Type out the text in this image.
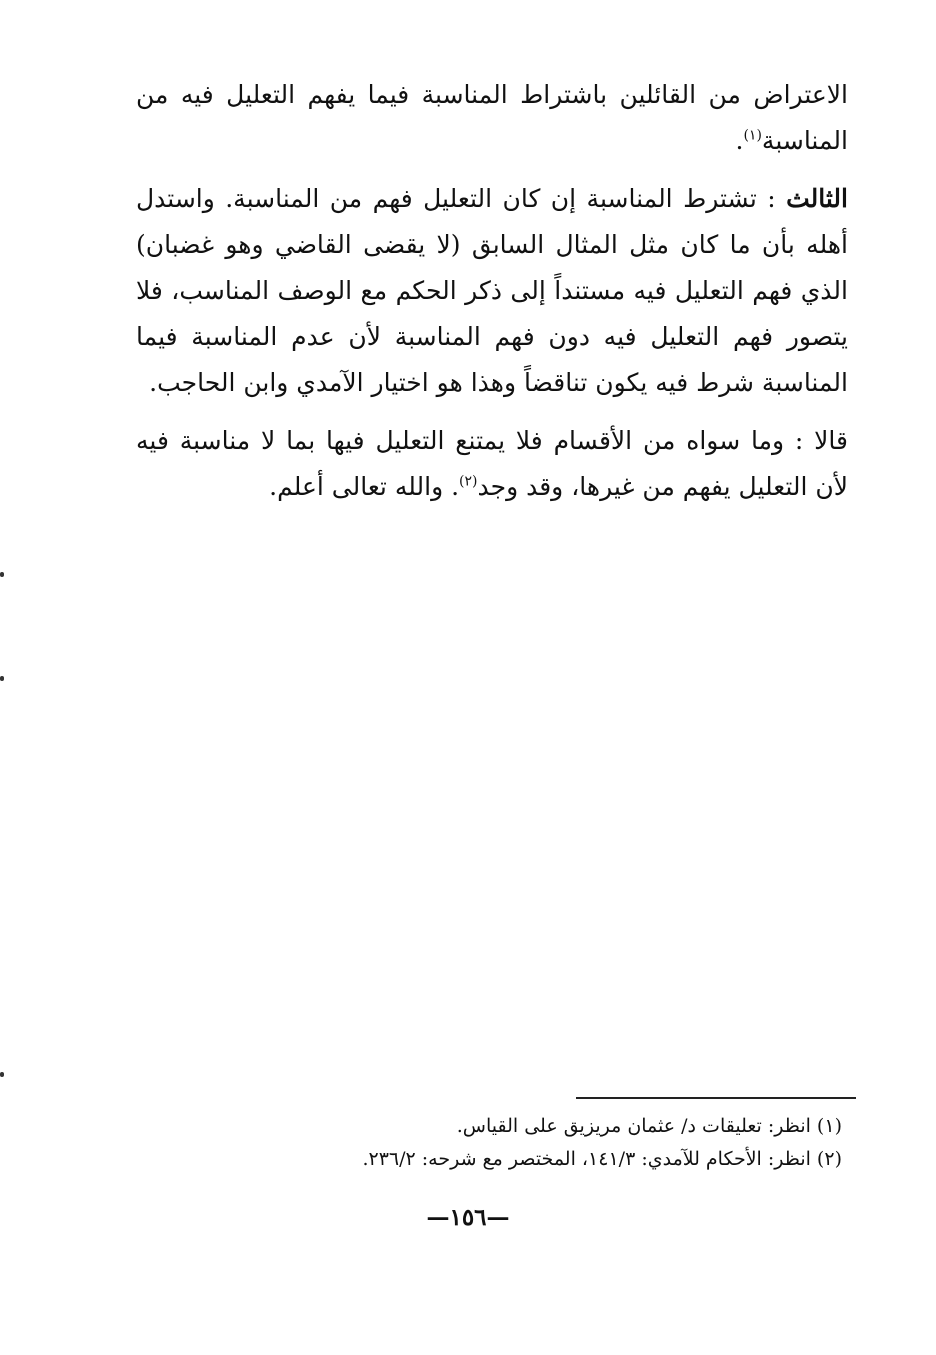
الاعتراض من القائلين باشتراط المناسبة فيما يفهم التعليل فيه من المناسبة$^{(١)}$.

الثالث : تشترط المناسبة إن كان التعليل فهم من المناسبة. واستدل أهله بأن ما كان مثل المثال السابق (لا يقضى القاضي وهو غضبان) الذي فهم التعليل فيه مستنداً إلى ذكر الحكم مع الوصف المناسب، فلا يتصور فهم التعليل فيه دون فهم المناسبة لأن عدم المناسبة فيما المناسبة شرط فيه يكون تناقضاً وهذا هو اختيار الآمدي وابن الحاجب.

قالا : وما سواه من الأقسام فلا يمتنع التعليل فيها بما لا مناسبة فيه لأن التعليل يفهم من غيرها، وقد وجد$^{(٢)}$. والله تعالى أعلم.

(١) انظر: تعليقات د/ عثمان مريزيق على القياس.

(٢) انظر: الأحكام للآمدي: ١٤١/٣، المختصر مع شرحه: ٢٣٦/٢.

—١٥٦—
